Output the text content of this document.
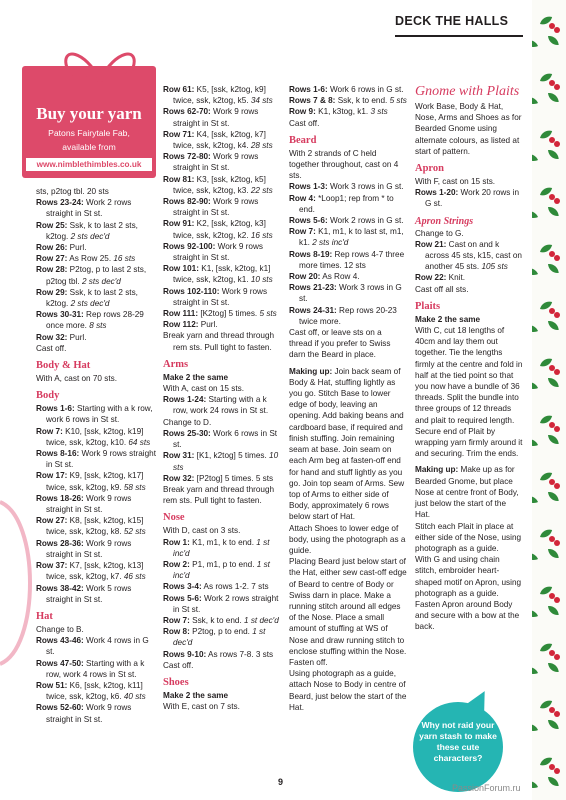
DECK THE HALLS
Buy your yarn
Patons Fairytale Fab,
available from
www.nimblethimbles.co.uk

sts, p2tog tbl. 20 sts

Rows 23-24: Work 2 rows straight in St st.

Row 25: Ssk, k to last 2 sts, k2tog. 2 sts dec'd

Row 26: Purl.

Row 27: As Row 25. 16 sts

Row 28: P2tog, p to last 2 sts, p2tog tbl. 2 sts dec'd

Row 29: Ssk, k to last 2 sts, k2tog. 2 sts dec'd

Rows 30-31: Rep rows 28-29 once more. 8 sts

Row 32: Purl.

Cast off.

Body & Hat

With A, cast on 70 sts.

Body

Rows 1-6: Starting with a k row, work 6 rows in St st.

Row 7: K10, [ssk, k2tog, k19] twice, ssk, k2tog, k10. 64 sts

Rows 8-16: Work 9 rows straight in St st.

Row 17: K9, [ssk, k2tog, k17] twice, ssk, k2tog, k9. 58 sts

Rows 18-26: Work 9 rows straight in St st.

Row 27: K8, [ssk, k2tog, k15] twice, ssk, k2tog, k8. 52 sts

Rows 28-36: Work 9 rows straight in St st.

Row 37: K7, [ssk, k2tog, k13] twice, ssk, k2tog, k7. 46 sts

Rows 38-42: Work 5 rows straight in St st.

Hat

Change to B.

Rows 43-46: Work 4 rows in G st.

Rows 47-50: Starting with a k row, work 4 rows in St st.

Row 51: K6, [ssk, k2tog, k11] twice, ssk, k2tog, k6. 40 sts

Rows 52-60: Work 9 rows straight in St st.

Row 61: K5, [ssk, k2tog, k9] twice, ssk, k2tog, k5. 34 sts

Rows 62-70: Work 9 rows straight in St st.

Row 71: K4, [ssk, k2tog, k7] twice, ssk, k2tog, k4. 28 sts

Rows 72-80: Work 9 rows straight in St st.

Row 81: K3, [ssk, k2tog, k5] twice, ssk, k2tog, k3. 22 sts

Rows 82-90: Work 9 rows straight in St st.

Row 91: K2, [ssk, k2tog, k3] twice, ssk, k2tog, k2. 16 sts

Rows 92-100: Work 9 rows straight in St st.

Row 101: K1, [ssk, k2tog, k1] twice, ssk, k2tog, k1. 10 sts

Rows 102-110: Work 9 rows straight in St st.

Row 111: [K2tog] 5 times. 5 sts

Row 112: Purl.

Break yarn and thread through rem sts. Pull tight to fasten.

Arms

Make 2 the same

With A, cast on 15 sts.

Rows 1-24: Starting with a k row, work 24 rows in St st.

Change to D.

Rows 25-30: Work 6 rows in St st.

Row 31: [K1, k2tog] 5 times. 10 sts

Row 32: [P2tog] 5 times. 5 sts

Break yarn and thread through rem sts. Pull tight to fasten.

Nose

With D, cast on 3 sts.

Row 1: K1, m1, k to end. 1 st inc'd

Row 2: P1, m1, p to end. 1 st inc'd

Rows 3-4: As rows 1-2. 7 sts

Rows 5-6: Work 2 rows straight in St st.

Row 7: Ssk, k to end. 1 st dec'd

Row 8: P2tog, p to end. 1 st dec'd

Rows 9-10: As rows 7-8. 3 sts

Cast off.

Shoes

Make 2 the same

With E, cast on 7 sts.

Rows 1-6: Work 6 rows in G st.

Rows 7 & 8: Ssk, k to end. 5 sts

Row 9: K1, k3tog, k1. 3 sts

Cast off.

Beard

With 2 strands of C held together throughout, cast on 4 sts.

Rows 1-3: Work 3 rows in G st.

Row 4: *Loop1; rep from * to end.

Rows 5-6: Work 2 rows in G st.

Row 7: K1, m1, k to last st, m1, k1. 2 sts inc'd

Rows 8-19: Rep rows 4-7 three more times. 12 sts

Row 20: As Row 4.

Rows 21-23: Work 3 rows in G st.

Rows 24-31: Rep rows 20-23 twice more.

Cast off, or leave sts on a thread if you prefer to Swiss darn the Beard in place.

Making up: Join back seam of Body & Hat, stuffing lightly as you go. Stitch Base to lower edge of body, leaving an opening. Add baking beans and cardboard base, if required and finish stuffing. Join remaining seam at base. Join seam on each Arm beg at fasten-off end for hand and stuff lightly as you go. Join top seam of Arms. Sew top of Arms to either side of Body, approximately 6 rows below start of Hat.

Attach Shoes to lower edge of body, using the photograph as a guide.

Placing Beard just below start of the Hat, either sew cast-off edge of Beard to centre of Body or Swiss darn in place. Make a running stitch around all edges of the Nose. Place a small amount of stuffing at WS of Nose and draw running stitch to enclose stuffing within the Nose. Fasten off.

Using photograph as a guide, attach Nose to Body in centre of Beard, just below the start of the Hat.

Gnome with Plaits

Work Base, Body & Hat, Nose, Arms and Shoes as for Bearded Gnome using alternate colours, as listed at start of pattern.

Apron

With F, cast on 15 sts.

Rows 1-20: Work 20 rows in G st.

Apron Strings

Change to G.

Row 21: Cast on and k across 45 sts, k15, cast on another 45 sts. 105 sts

Row 22: Knit.

Cast off all sts.

Plaits

Make 2 the same

With C, cut 18 lengths of 40cm and lay them out together. Tie the lengths firmly at the centre and fold in half at the tied point so that you now have a bundle of 36 threads. Split the bundle into three groups of 12 threads and plait to required length. Secure end of Plait by wrapping yarn firmly around it and securing. Trim the ends.

Making up: Make up as for Bearded Gnome, but place Nose at centre front of Body, just below the start of the Hat.

Stitch each Plait in place at either side of the Nose, using photograph as a guide.

With G and using chain stitch, embroider heart-shaped motif on Apron, using photograph as a guide. Fasten Apron around Body and secure with a bow at the back.

Why not raid your yarn stash to make these cute characters?
9
PassionForum.ru
